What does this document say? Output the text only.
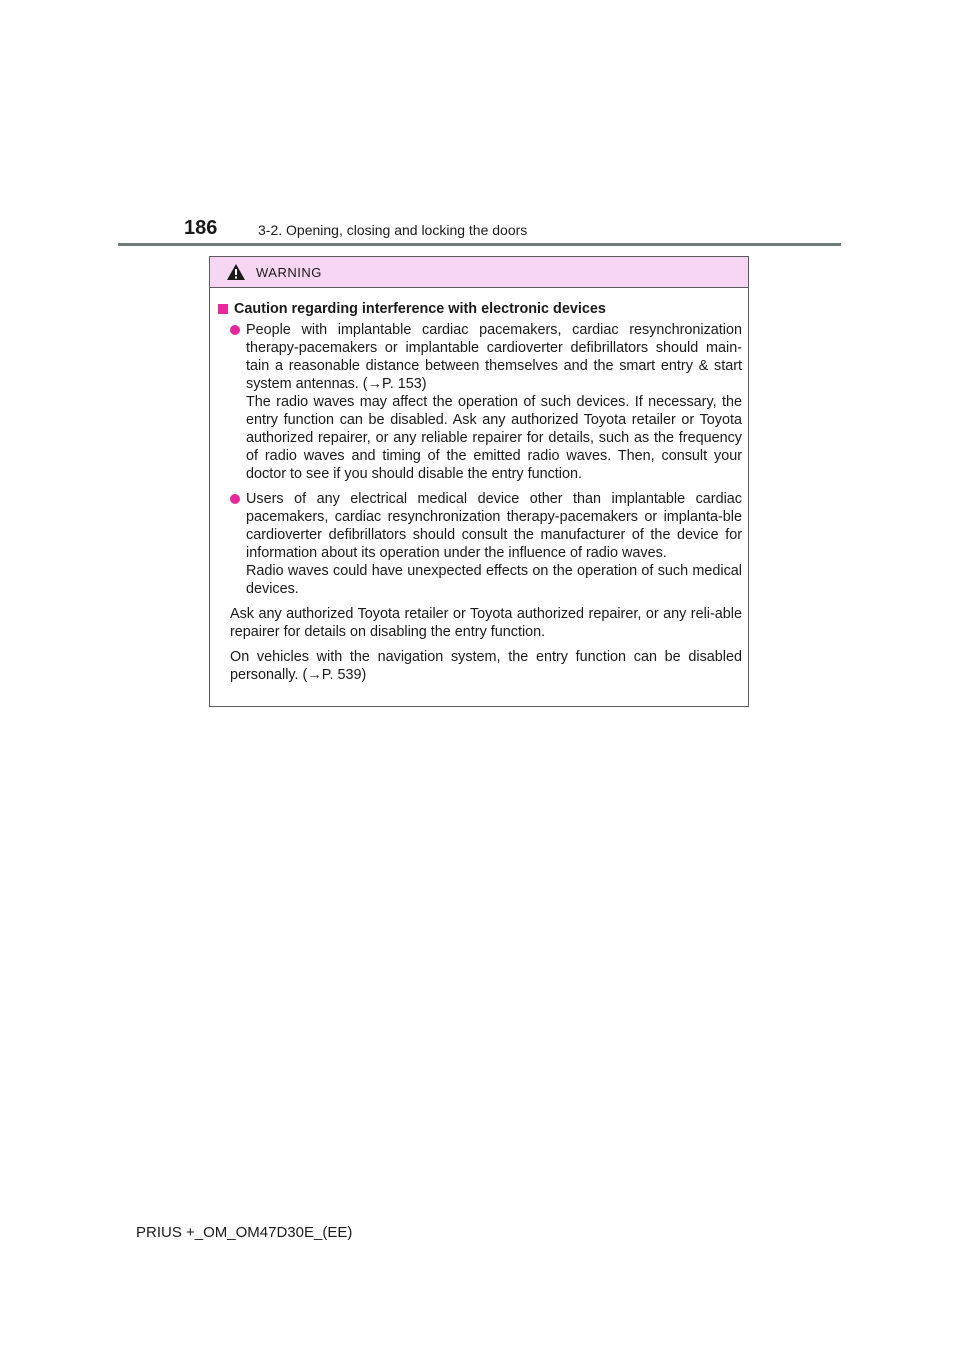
186	3-2. Opening, closing and locking the doors
WARNING
Caution regarding interference with electronic devices

People with implantable cardiac pacemakers, cardiac resynchronization therapy-pacemakers or implantable cardioverter defibrillators should main-tain a reasonable distance between themselves and the smart entry & start system antennas. (→P. 153)

The radio waves may affect the operation of such devices. If necessary, the entry function can be disabled. Ask any authorized Toyota retailer or Toyota authorized repairer, or any reliable repairer for details, such as the frequency of radio waves and timing of the emitted radio waves. Then, consult your doctor to see if you should disable the entry function.

Users of any electrical medical device other than implantable cardiac pacemakers, cardiac resynchronization therapy-pacemakers or implanta-ble cardioverter defibrillators should consult the manufacturer of the device for information about its operation under the influence of radio waves.

Radio waves could have unexpected effects on the operation of such medical devices.

Ask any authorized Toyota retailer or Toyota authorized repairer, or any reli-able repairer for details on disabling the entry function.

On vehicles with the navigation system, the entry function can be disabled personally. (→P. 539)

PRIUS +_OM_OM47D30E_(EE)
